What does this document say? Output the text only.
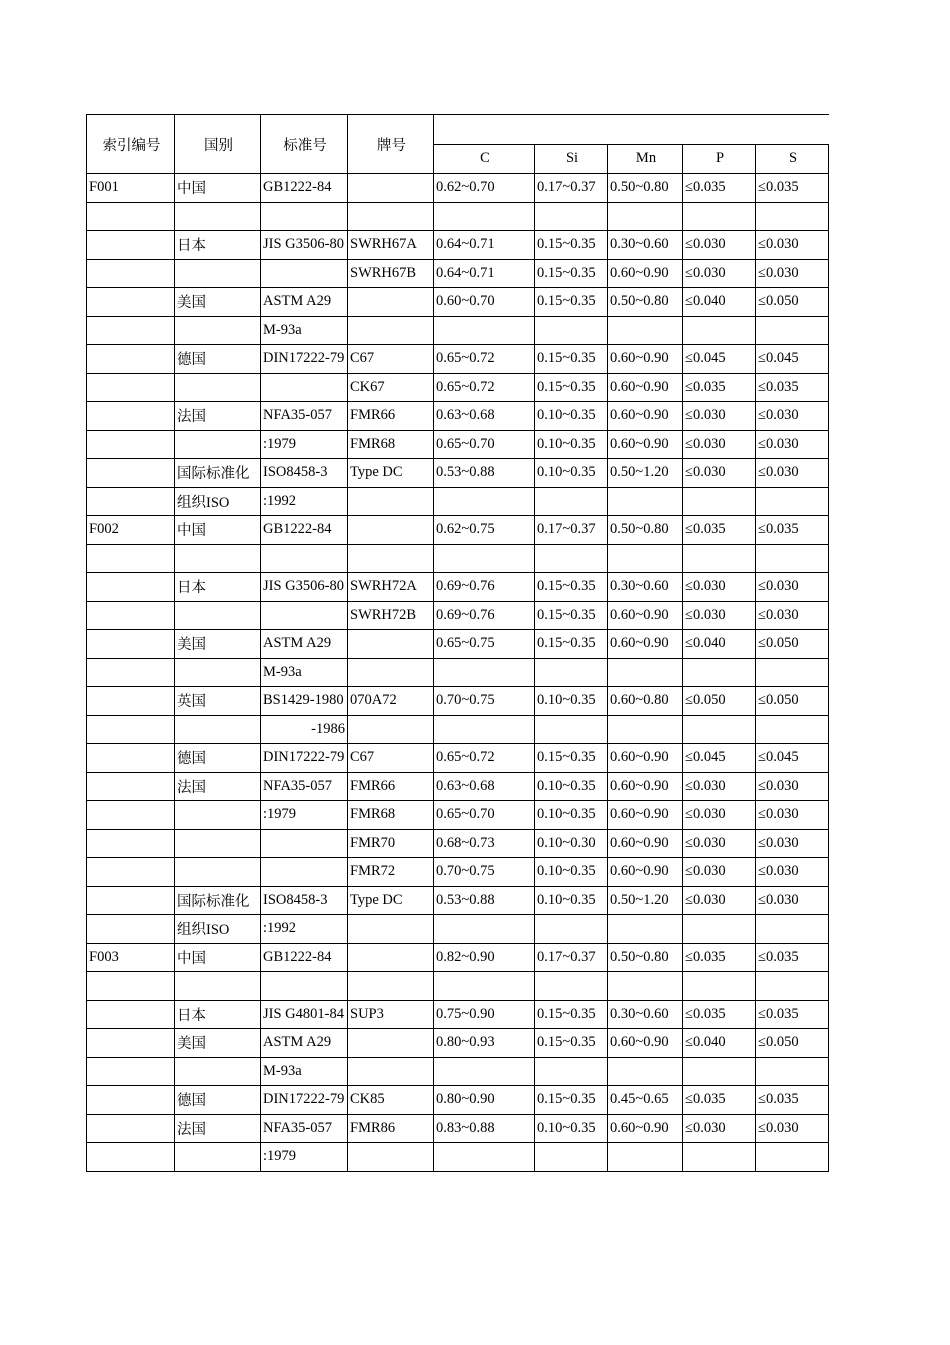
索引编号	国别	标准号	牌号					
				C	Si	Mn	P	S
F001	中国	GB1222-84		0.62~0.70	0.17~0.37	0.50~0.80	≤0.035	≤0.035

	日本	JIS G3506-80	SWRH67A	0.64~0.71	0.15~0.35	0.30~0.60	≤0.030	≤0.030
			SWRH67B	0.64~0.71	0.15~0.35	0.60~0.90	≤0.030	≤0.030
	美国	ASTM A29		0.60~0.70	0.15~0.35	0.50~0.80	≤0.040	≤0.050
		M-93a						
	德国	DIN17222-79	C67	0.65~0.72	0.15~0.35	0.60~0.90	≤0.045	≤0.045
			CK67	0.65~0.72	0.15~0.35	0.60~0.90	≤0.035	≤0.035
	法国	NFA35-057	FMR66	0.63~0.68	0.10~0.35	0.60~0.90	≤0.030	≤0.030
		:1979	FMR68	0.65~0.70	0.10~0.35	0.60~0.90	≤0.030	≤0.030
	国际标准化	ISO8458-3	Type DC	0.53~0.88	0.10~0.35	0.50~1.20	≤0.030	≤0.030
	组织ISO	:1992						
F002	中国	GB1222-84		0.62~0.75	0.17~0.37	0.50~0.80	≤0.035	≤0.035

	日本	JIS G3506-80	SWRH72A	0.69~0.76	0.15~0.35	0.30~0.60	≤0.030	≤0.030
			SWRH72B	0.69~0.76	0.15~0.35	0.60~0.90	≤0.030	≤0.030
	美国	ASTM A29		0.65~0.75	0.15~0.35	0.60~0.90	≤0.040	≤0.050
		M-93a						
	英国	BS1429-1980	070A72	0.70~0.75	0.10~0.35	0.60~0.80	≤0.050	≤0.050
		-1986						
	德国	DIN17222-79	C67	0.65~0.72	0.15~0.35	0.60~0.90	≤0.045	≤0.045
	法国	NFA35-057	FMR66	0.63~0.68	0.10~0.35	0.60~0.90	≤0.030	≤0.030
		:1979	FMR68	0.65~0.70	0.10~0.35	0.60~0.90	≤0.030	≤0.030
			FMR70	0.68~0.73	0.10~0.30	0.60~0.90	≤0.030	≤0.030
			FMR72	0.70~0.75	0.10~0.35	0.60~0.90	≤0.030	≤0.030
	国际标准化	ISO8458-3	Type DC	0.53~0.88	0.10~0.35	0.50~1.20	≤0.030	≤0.030
	组织ISO	:1992						
F003	中国	GB1222-84		0.82~0.90	0.17~0.37	0.50~0.80	≤0.035	≤0.035

	日本	JIS G4801-84	SUP3	0.75~0.90	0.15~0.35	0.30~0.60	≤0.035	≤0.035
	美国	ASTM A29		0.80~0.93	0.15~0.35	0.60~0.90	≤0.040	≤0.050
		M-93a						
	德国	DIN17222-79	CK85	0.80~0.90	0.15~0.35	0.45~0.65	≤0.035	≤0.035
	法国	NFA35-057	FMR86	0.83~0.88	0.10~0.35	0.60~0.90	≤0.030	≤0.030
		:1979						
